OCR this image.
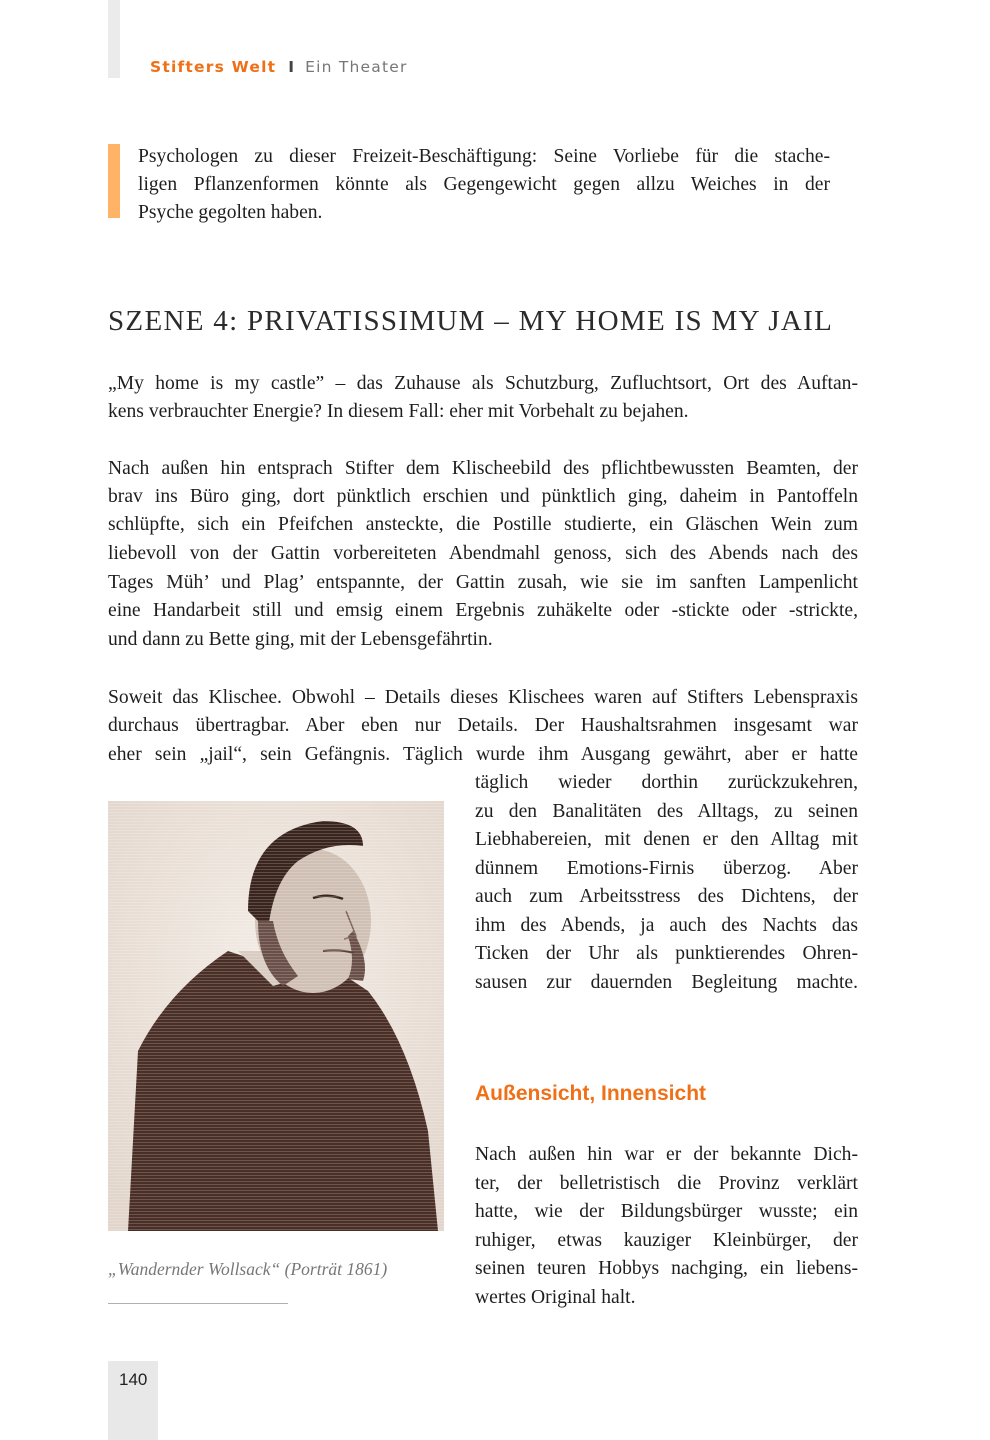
Stifters Welt I Ein Theater
Psychologen zu dieser Freizeit-Beschäftigung: Seine Vorliebe für die stache-
ligen Pflanzenformen könnte als Gegengewicht gegen allzu Weiches in der
Psyche gegolten haben.
SZENE 4: PRIVATISSIMUM – MY HOME IS MY JAIL
„My home is my castle” – das Zuhause als Schutzburg, Zufluchtsort, Ort des Auftan-
kens verbrauchter Energie? In diesem Fall: eher mit Vorbehalt zu bejahen.
Nach außen hin entsprach Stifter dem Klischeebild des pflichtbewussten Beamten, der
brav ins Büro ging, dort pünktlich erschien und pünktlich ging, daheim in Pantoffeln
schlüpfte, sich ein Pfeifchen ansteckte, die Postille studierte, ein Gläschen Wein zum
liebevoll von der Gattin vorbereiteten Abendmahl genoss, sich des Abends nach des
Tages Müh’ und Plag’ entspannte, der Gattin zusah, wie sie im sanften Lampenlicht
eine Handarbeit still und emsig einem Ergebnis zuhäkelte oder -stickte oder -strickte,
und dann zu Bette ging, mit der Lebensgefährtin.
Soweit das Klischee. Obwohl – Details dieses Klischees waren auf Stifters Lebenspraxis
durchaus übertragbar. Aber eben nur Details. Der Haushaltsrahmen insgesamt war
eher sein „jail“, sein Gefängnis. Täglich wurde ihm Ausgang gewährt, aber er hatte
täglich wieder dorthin zurückzukehren,
zu den Banalitäten des Alltags, zu seinen
Liebhabereien, mit denen er den Alltag mit
dünnem Emotions-Firnis überzog. Aber
auch zum Arbeitsstress des Dichtens, der
ihm des Abends, ja auch des Nachts das
Ticken der Uhr als punktierendes Ohren-
sausen zur dauernden Begleitung machte.
„Wandernder Wollsack“ (Porträt 1861)
Außensicht, Innensicht
Nach außen hin war er der bekannte Dich-
ter, der belletristisch die Provinz verklärt
hatte, wie der Bildungsbürger wusste; ein
ruhiger, etwas kauziger Kleinbürger, der
seinen teuren Hobbys nachging, ein liebens-
wertes Original halt.
140
